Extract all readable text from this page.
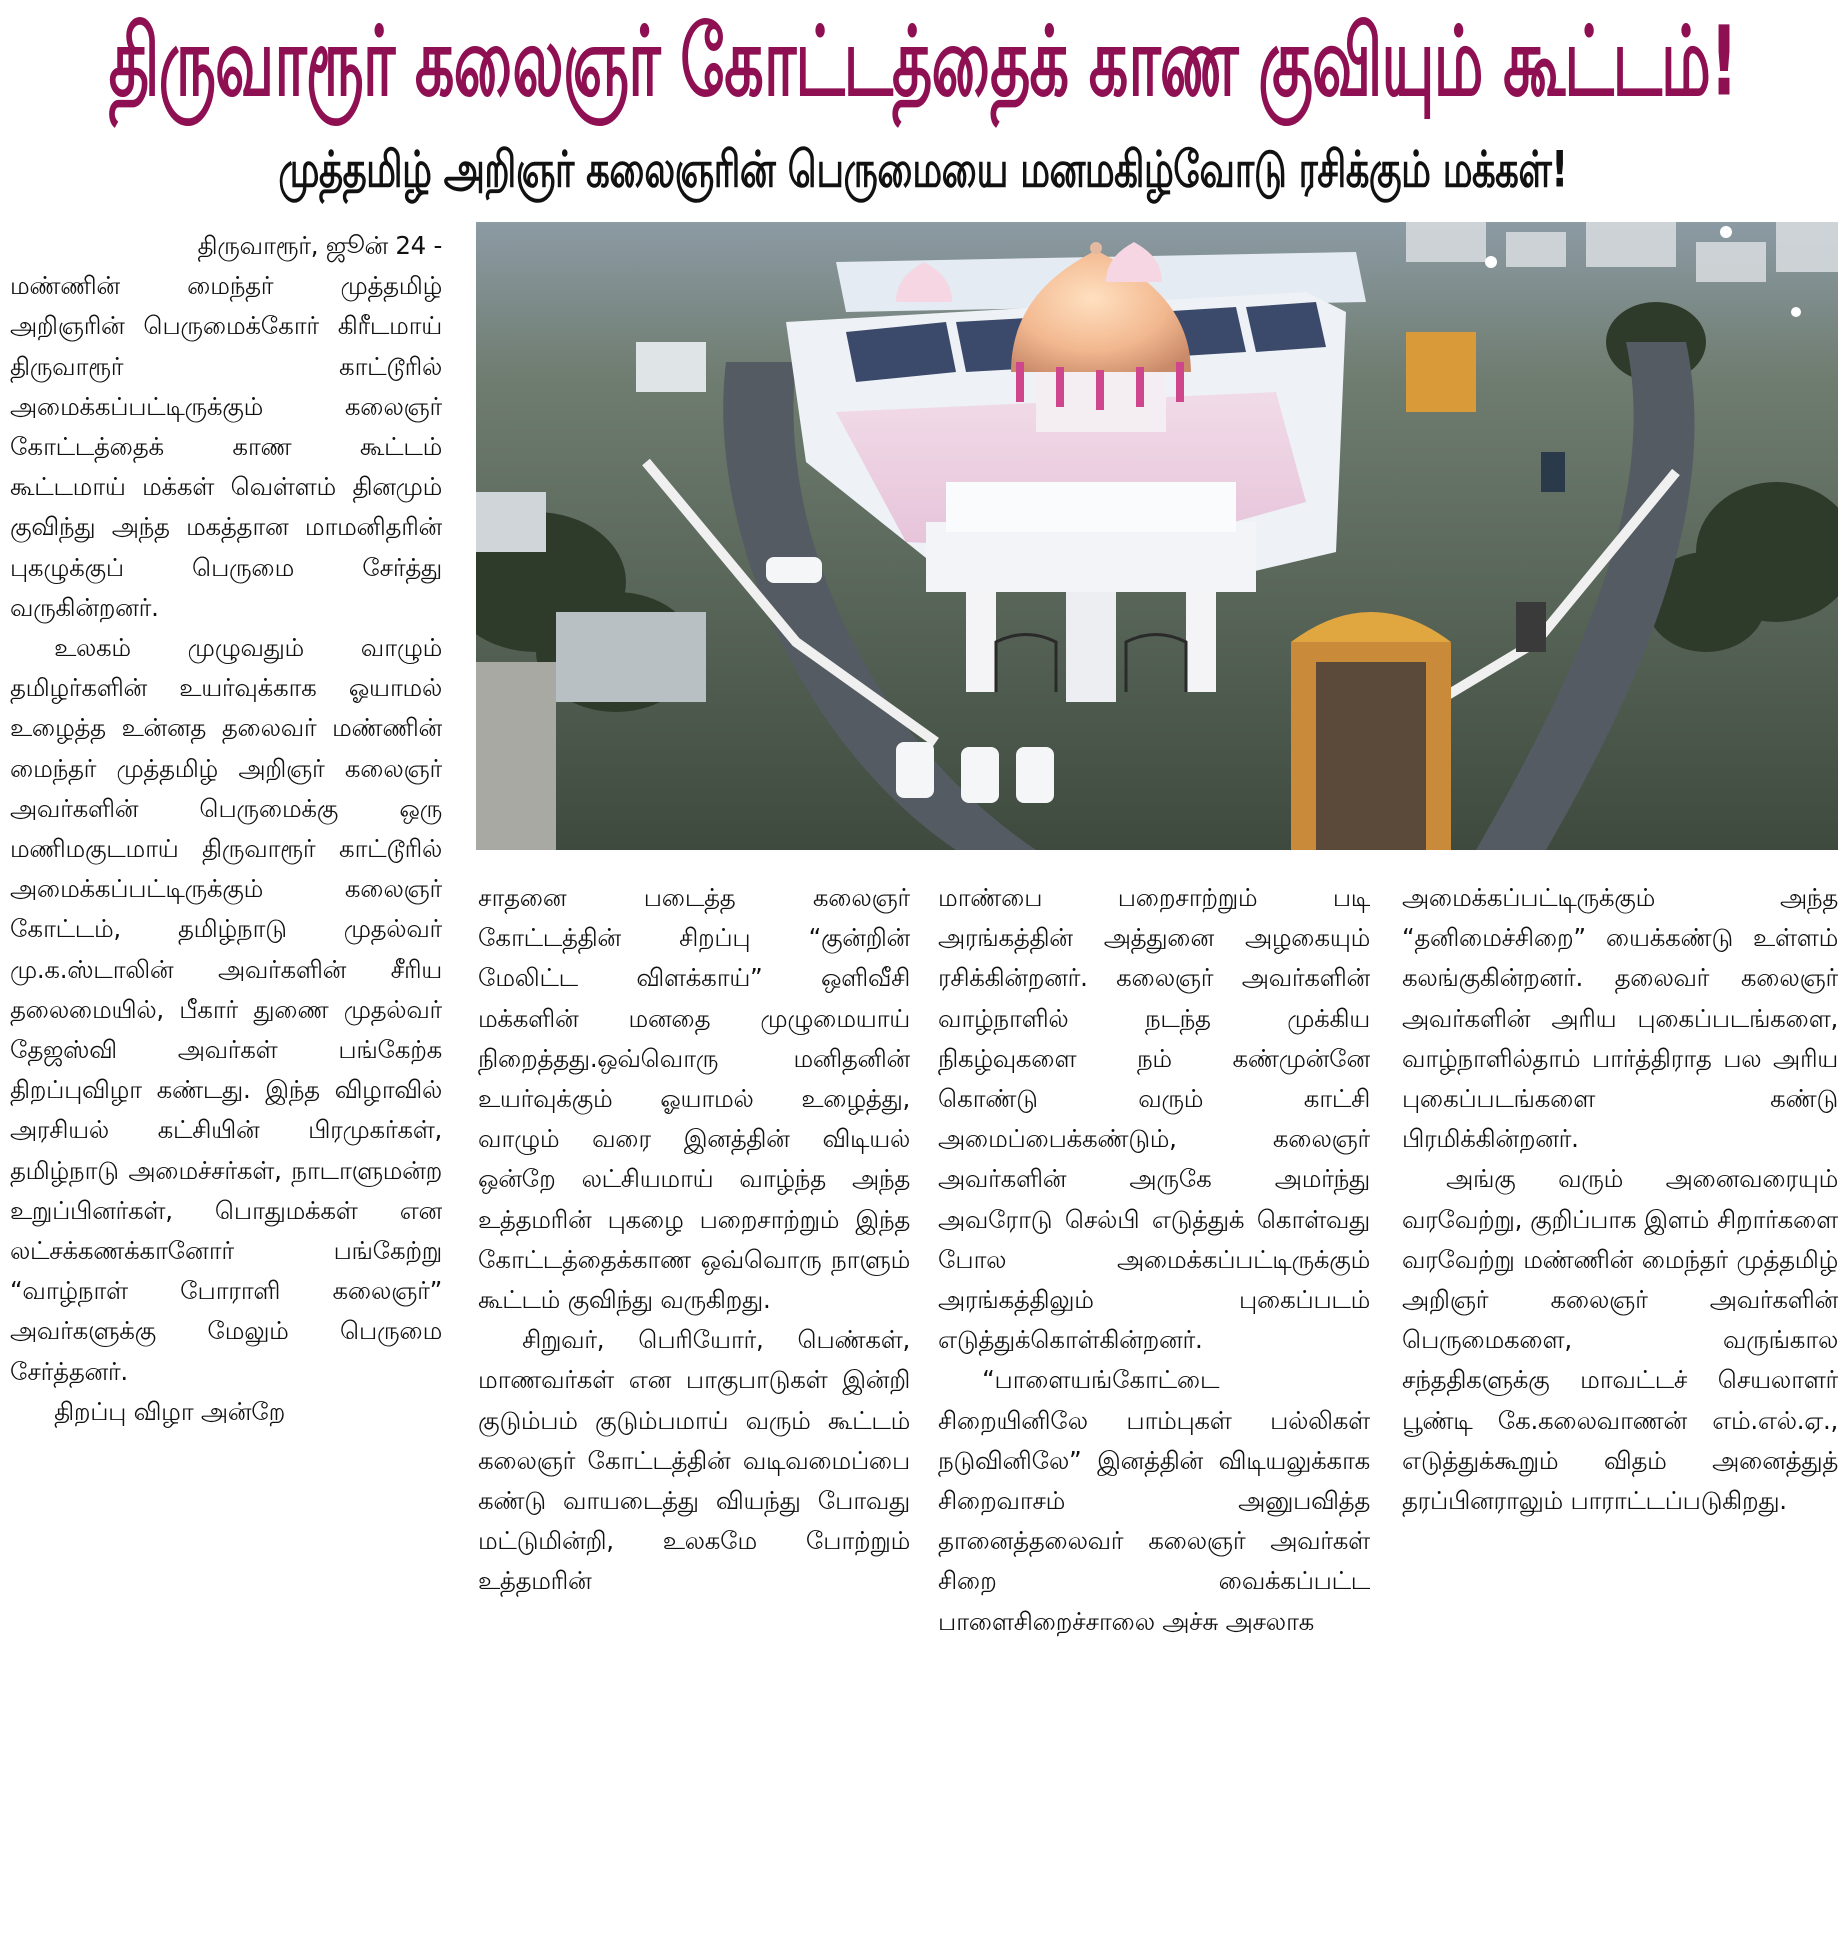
திருவாரூர் கலைஞர் கோட்டத்தைக் காண குவியும் கூட்டம்!
முத்தமிழ் அறிஞர் கலைஞரின் பெருமையை மனமகிழ்வோடு ரசிக்கும் மக்கள்!
திருவாரூர், ஜூன் 24 -

மண்ணின் மைந்தர் முத்தமிழ் அறிஞரின் பெருமைக்கோர் கிரீடமாய் திருவாரூர் காட்டூரில் அமைக்கப்பட்டிருக்கும் கலைஞர் கோட்டத்தைக் காண கூட்டம் கூட்டமாய் மக்கள் வெள்ளம் தினமும் குவிந்து அந்த மகத்தான மாமனிதரின் புகழுக்குப் பெருமை சேர்த்து வருகின்றனர்.

உலகம் முழுவதும் வாழும் தமிழர்களின் உயர்வுக்காக ஓயாமல் உழைத்த உன்னத தலைவர் மண்ணின் மைந்தர் முத்தமிழ் அறிஞர் கலைஞர் அவர்களின் பெருமைக்கு ஒரு மணிமகுடமாய் திருவாரூர் காட்டூரில் அமைக்கப்பட்டிருக்கும் கலைஞர் கோட்டம், தமிழ்நாடு முதல்வர் மு.க.ஸ்டாலின் அவர்களின் சீரிய தலைமையில், பீகார் துணை முதல்வர் தேஜஸ்வி அவர்கள் பங்கேற்க திறப்புவிழா கண்டது. இந்த விழாவில் அரசியல் கட்சியின் பிரமுகர்கள், தமிழ்நாடு அமைச்சர்கள், நாடாளுமன்ற உறுப்பினர்கள், பொதுமக்கள் என லட்சக்கணக்கானோர் பங்கேற்று “வாழ்நாள் போராளி கலைஞர்” அவர்களுக்கு மேலும் பெருமை சேர்த்தனர்.

திறப்பு விழா அன்றே

சாதனை படைத்த கலைஞர் கோட்டத்தின் சிறப்பு “குன்றின் மேலிட்ட விளக்காய்” ஒளிவீசி மக்களின் மனதை முழுமையாய் நிறைத்தது.ஒவ்வொரு மனிதனின் உயர்வுக்கும் ஓயாமல் உழைத்து, வாழும் வரை இனத்தின் விடியல் ஒன்றே லட்சியமாய் வாழ்ந்த அந்த உத்தமரின் புகழை பறைசாற்றும் இந்த கோட்டத்தைக்காண ஒவ்வொரு நாளும் கூட்டம் குவிந்து வருகிறது.

சிறுவர், பெரியோர், பெண்கள், மாணவர்கள் என பாகுபாடுகள் இன்றி குடும்பம் குடும்பமாய் வரும் கூட்டம் கலைஞர் கோட்டத்தின் வடிவமைப்பை கண்டு வாயடைத்து வியந்து போவது மட்டுமின்றி, உலகமே போற்றும் உத்தமரின்

மாண்பை பறைசாற்றும் படி அரங்கத்தின் அத்துனை அழகையும் ரசிக்கின்றனர். கலைஞர் அவர்களின் வாழ்நாளில் நடந்த முக்கிய நிகழ்வுகளை நம் கண்முன்னே கொண்டு வரும் காட்சி அமைப்பைக்கண்டும், கலைஞர் அவர்களின் அருகே அமர்ந்து அவரோடு செல்பி எடுத்துக் கொள்வது போல அமைக்கப்பட்டிருக்கும் அரங்கத்திலும் புகைப்படம் எடுத்துக்கொள்கின்றனர்.

“பாளையங்கோட்டை சிறையினிலே பாம்புகள் பல்லிகள் நடுவினிலே” இனத்தின் விடியலுக்காக சிறைவாசம் அனுபவித்த தானைத்தலைவர் கலைஞர் அவர்கள் சிறை வைக்கப்பட்ட பாளைசிறைச்சாலை அச்சு அசலாக

அமைக்கப்பட்டிருக்கும் அந்த “தனிமைச்சிறை” யைக்கண்டு உள்ளம் கலங்குகின்றனர். தலைவர் கலைஞர் அவர்களின் அரிய புகைப்படங்களை, வாழ்நாளில்தாம் பார்த்திராத பல அரிய புகைப்படங்களை கண்டு பிரமிக்கின்றனர்.

அங்கு வரும் அனைவரையும் வரவேற்று, குறிப்பாக இளம் சிறார்களை வரவேற்று மண்ணின் மைந்தர் முத்தமிழ் அறிஞர் கலைஞர் அவர்களின் பெருமைகளை, வருங்கால சந்ததிகளுக்கு மாவட்டச் செயலாளர் பூண்டி கே.கலைவாணன் எம்.எல்.ஏ., எடுத்துக்கூறும் விதம் அனைத்துத் தரப்பினராலும் பாராட்டப்படுகிறது.
